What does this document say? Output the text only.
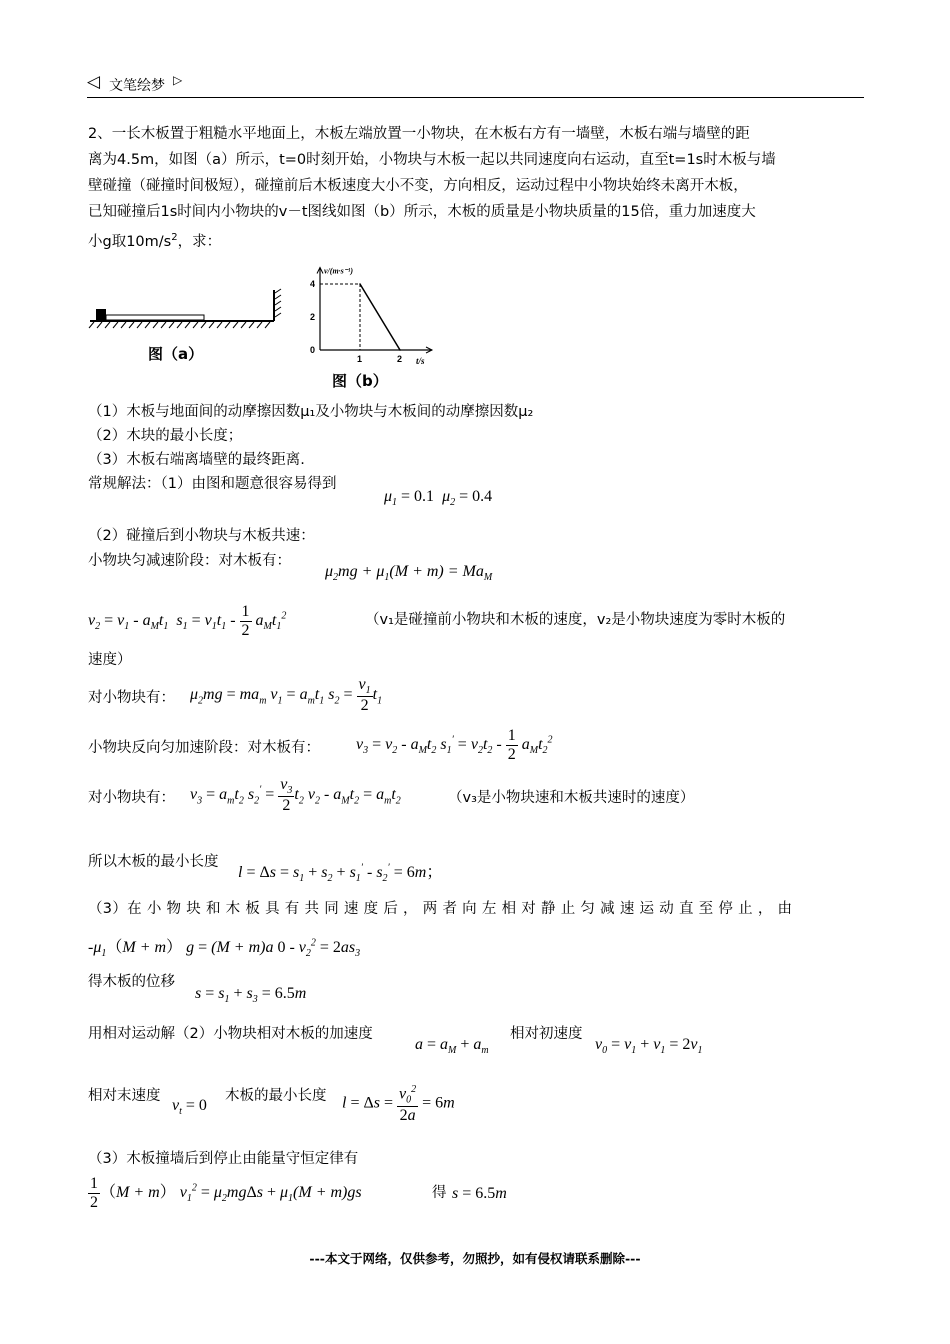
◁ 文笔绘梦 ▷
2、一长木板置于粗糙水平地面上，木板左端放置一小物块，在木板右方有一墙壁，木板右端与墙壁的距
离为4.5m，如图（a）所示，t=0时刻开始，小物块与木板一起以共同速度向右运动，直至t=1s时木板与墙
壁碰撞（碰撞时间极短），碰撞前后木板速度大小不变，方向相反，运动过程中小物块始终未离开木板，
已知碰撞后1s时间内小物块的v－t图线如图（b）所示，木板的质量是小物块质量的15倍，重力加速度大
小g取$10m/s^2$，求：
图（a）
v/(m·s⁻¹)
t/s
4
2
0
1	2
图（b）
（1）木板与地面间的动摩擦因数μ₁及小物块与木板间的动摩擦因数μ₂
（2）木块的最小长度；
（3）木板右端离墙壁的最终距离.
常规解法：（1）由图和题意很容易得到
$\mu_1 = 0.1$  $\mu_2 = 0.4$
（2）碰撞后到小物块与木板共速：
小物块匀减速阶段：对木板有：
$\mu_2mg + \mu_1(M + m) = Ma_M$
$v_2 = v_1 - a_Mt_1$  $s_1 = v_1t_1 - \frac{1}{2} a_Mt_1^2$	（v₁是碰撞前小物块和木板的速度，v₂是小物块速度为零时木板的
速度）
对小物块有： $\mu_2mg = ma_m$ $v_1 = a_mt_1$ $s_2 = \frac{v_1}{2} t_1$
小物块反向匀加速阶段：对木板有： $v_3 = v_2 - a_Mt_2$ $s_1' = v_2t_2 - \frac{1}{2} a_Mt_2^2$
对小物块有： $v_3 = a_mt_2$ $s_2' = \frac{v_3}{2} t_2$ $v_2 - a_Mt_2 = a_mt_2$	（v₃是小物块速和木板共速时的速度）
所以木板的最小长度
$l = \Delta s = s_1 + s_2 + s_1' - s_2' = 6m$；
（3）在 小 物 块 和 木 板 具 有 共 同 速 度 后 ， 两 者 向 左 相 对 静 止 匀 减 速 运 动 直 至 停 止 ， 由
$-\mu_1(M + m) g = (M + m)a$ $0 - v_2^2 = 2as_3$
得木板的位移
$s = s_1 + s_3 = 6.5m$
用相对运动解（2）小物块相对木板的加速度
$a = a_M + a_m$
相对初速度
$v_0 = v_1 + v_1 = 2v_1$
相对末速度
$v_t = 0$
木板的最小长度 $l = \Delta s = \frac{v_0^2}{2a} = 6m$
（3）木板撞墙后到停止由能量守恒定律有
$\frac{1}{2} (M + m) v_1^2 = \mu_2mg\Delta s + \mu_1(M + m)gs$	得 s = 6.5m
---本文于网络，仅供参考，勿照抄，如有侵权请联系删除---
